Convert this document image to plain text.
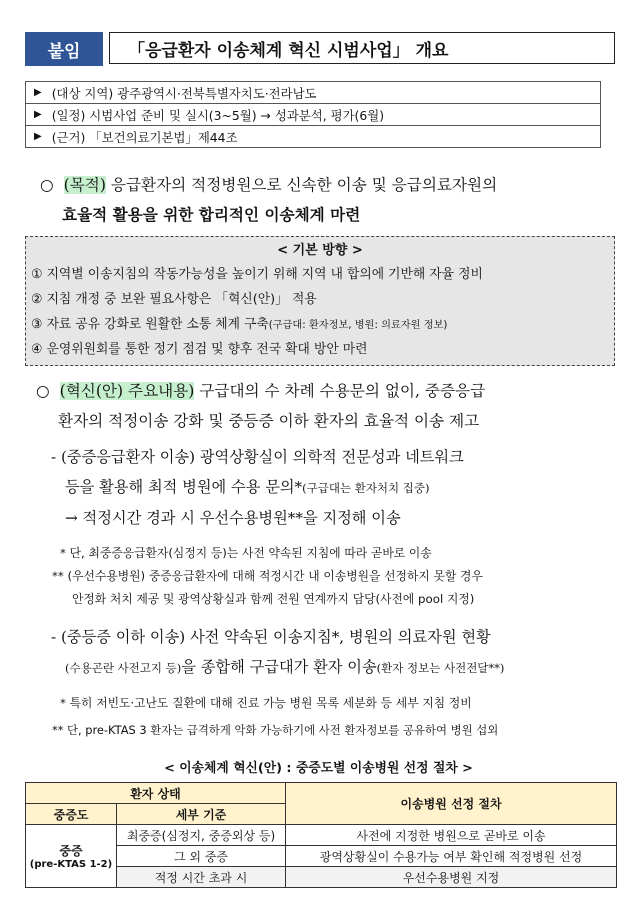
붙임	「응급환자 이송체계 혁신 시범사업」 개요
▶ (대상 지역)
광주광역시·전북특별자치도·전라남도
▶ (일정)
시범사업 준비 및 실시(3~5월) → 성과분석, 평가(6월)
▶ (근거)
「보건의료기본법」제44조
○ (목적) 응급환자의 적정병원으로 신속한 이송 및 응급의료자원의
효율적 활용을 위한 합리적인 이송체계 마련
< 기본 방향 >
① 지역별 이송지침의 작동가능성을 높이기 위해 지역 내 합의에 기반해 자율 정비
② 지침 개정 중 보완 필요사항은 「혁신(안)」 적용
③ 자료 공유 강화로 원활한 소통 체계 구축(구급대: 환자정보, 병원: 의료자원 정보)
④ 운영위원회를 통한 정기 점검 및 향후 전국 확대 방안 마련
○ (혁신(안) 주요내용) 구급대의 수 차례 수용문의 없이, 중증응급
환자의 적정이송 강화 및 중등증 이하 환자의 효율적 이송 제고
- (중증응급환자 이송) 광역상황실이 의학적 전문성과 네트워크
등을 활용해 최적 병원에 수용 문의*(구급대는 환자처치 집중)
→ 적정시간 경과 시 우선수용병원**을 지정해 이송
* 단, 최중증응급환자(심정지 등)는 사전 약속된 지침에 따라 곧바로 이송
** (우선수용병원) 중증응급환자에 대해 적정시간 내 이송병원을 선정하지 못할 경우
안정화 처치 제공 및 광역상황실과 함께 전원 연계까지 담당(사전에 pool 지정)
- (중등증 이하 이송) 사전 약속된 이송지침*, 병원의 의료자원 현황
(수용곤란 사전고지 등)을 종합해 구급대가 환자 이송(환자 정보는 사전전달**)
* 특히 저빈도·고난도 질환에 대해 진료 가능 병원 목록 세분화 등 세부 지침 정비
** 단, pre-KTAS 3 환자는 급격하게 악화 가능하기에 사전 환자정보를 공유하여 병원 섭외
< 이송체계 혁신(안) : 중증도별 이송병원 선정 절차 >
환자 상태		이송병원 선정 절차
중증도	세부 기준	

중증
(pre-KTAS 1-2)	최중증(심정지, 중증외상 등)	사전에 지정한 병원으로 곧바로 이송
	그 외 중증	광역상황실이 수용가능 여부 확인해 적정병원 선정
	적정 시간 초과 시	우선수용병원 지정
